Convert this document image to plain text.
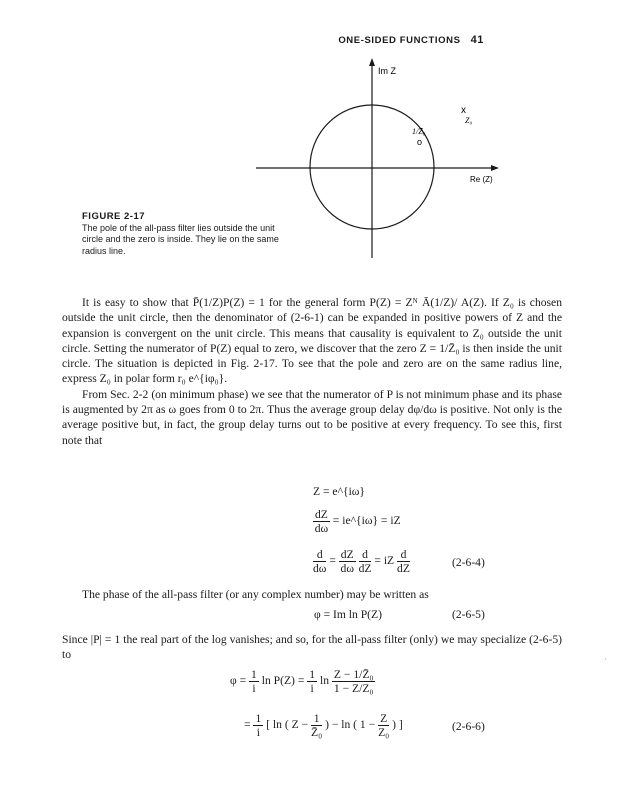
ONE-SIDED FUNCTIONS 41
Im Z
Re (Z)
x
Z₀
1/Z̄₀
o
FIGURE 2-17
The pole of the all-pass filter lies outside the unit circle and the zero is inside. They lie on the same radius line.

It is easy to show that P̄(1/Z)P(Z) = 1 for the general form P(Z) = Zᴺ Ā(1/Z)/ A(Z). If Z₀ is chosen outside the unit circle, then the denominator of (2-6-1) can be expanded in positive powers of Z and the expansion is convergent on the unit circle. This means that causality is equivalent to Z₀ outside the unit circle. Setting the numerator of P(Z) equal to zero, we discover that the zero Z = 1/Z̄₀ is then inside the unit circle. The situation is depicted in Fig. 2-17. To see that the pole and zero are on the same radius line, express Z₀ in polar form r₀ e^{iφ₀}.

From Sec. 2-2 (on minimum phase) we see that the numerator of P is not minimum phase and its phase is augmented by 2π as ω goes from 0 to 2π. Thus the average group delay dφ/dω is positive. Not only is the average positive but, in fact, the group delay turns out to be positive at every frequency. To see this, first note that

Z = e^{iω}
$\frac{dZ}{d\omega}$ = ie^{iω} = iZ
$\frac{d}{d\omega} = \frac{dZ}{d\omega}$
$\frac{d}{dZ}$ = iZ $\frac{d}{dZ}$	(2-6-4)

The phase of the all-pass filter (or any complex number) may be written as

φ = Im ln P(Z)	(2-6-5)

Since |P| = 1 the real part of the log vanishes; and so, for the all-pass filter (only) we may specialize (2-6-5) to

$\varphi = \frac{1}{i}$ $\ln P(Z) = \frac{1}{i}$ $\ln \frac{\text{Z − 1/Z̄₀}}{\text{1 − Z/Z₀}}$
= $\frac{1}{i}$ [ ln ( $Z - \frac{1}{\text{Z̄₀}}$ ) − ln ( $1 - \frac{Z}{\text{Z₀}}$ ) ]	(2-6-6)
·
